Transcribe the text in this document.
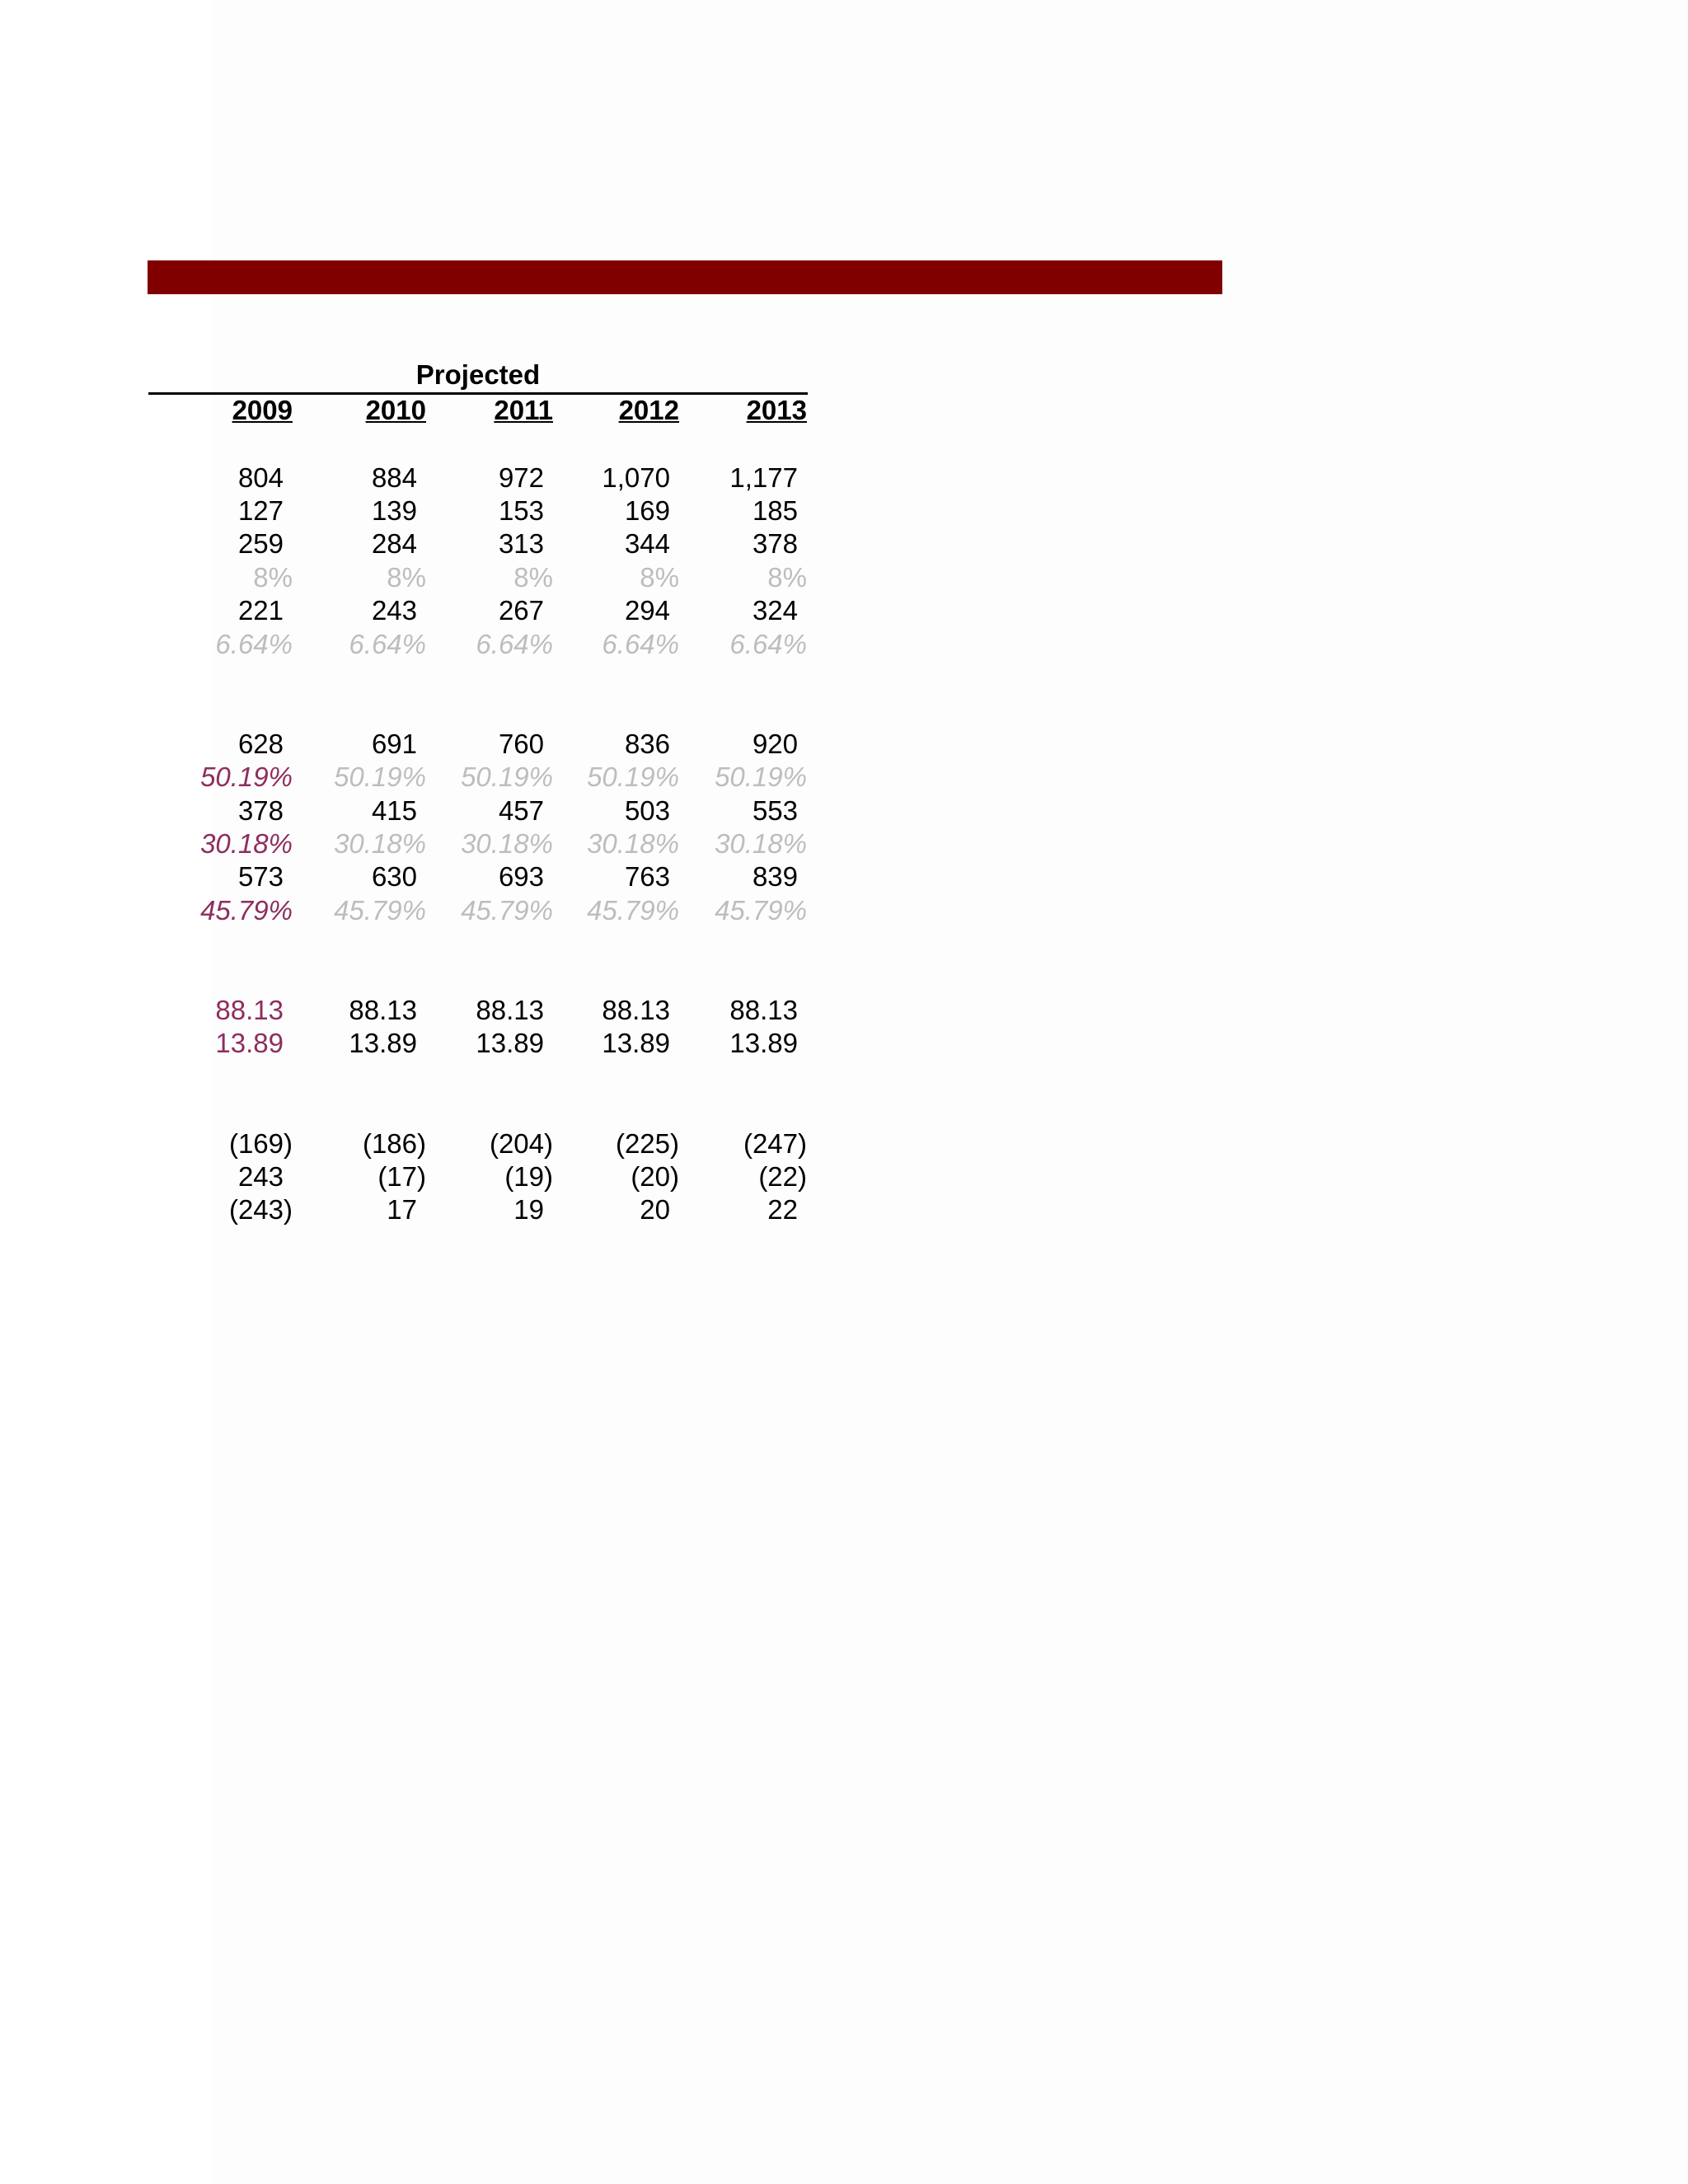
Projected
2009	2010 2011 2012 2013
804	884	972	1,070	1,177
127	139	153	169	185
259	284	313	344	378
8%	8%	8%	8%	8%
221	243	267	294	324
6.64% 6.64% 6.64% 6.64% 6.64%
628	691	760	836	920
50.19% 50.19% 50.19% 50.19% 50.19%
378	415	457	503	553
30.18% 30.18% 30.18% 30.18% 30.18%
573	630	693	763	839
45.79% 45.79% 45.79% 45.79% 45.79%
88.13	88.13	88.13	88.13	88.13
13.89	13.89	13.89	13.89	13.89
(169)	(186) (204) (225) (247)
243	(17)	(19)	(20)	(22)
(243)	17	19	20	22
